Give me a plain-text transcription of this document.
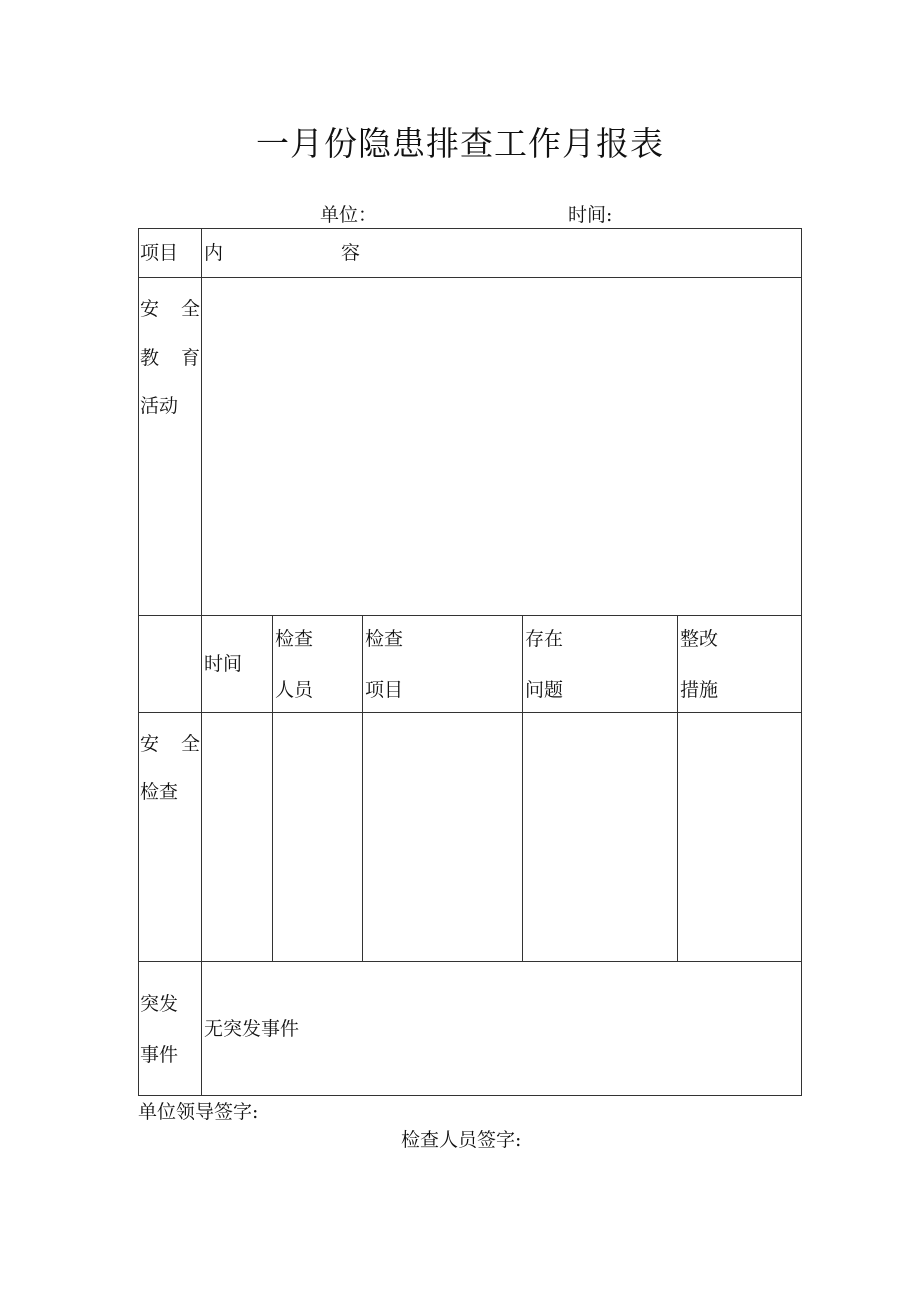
一月份隐患排查工作月报表
单位：	时间:
项目 内	容
安 全
教 育
活动
时间
检查
人员
检查
项目
存在
问题
整改
措施
安 全
检查
突发
事件
无突发事件
单位领导签字:
检查人员签字:
